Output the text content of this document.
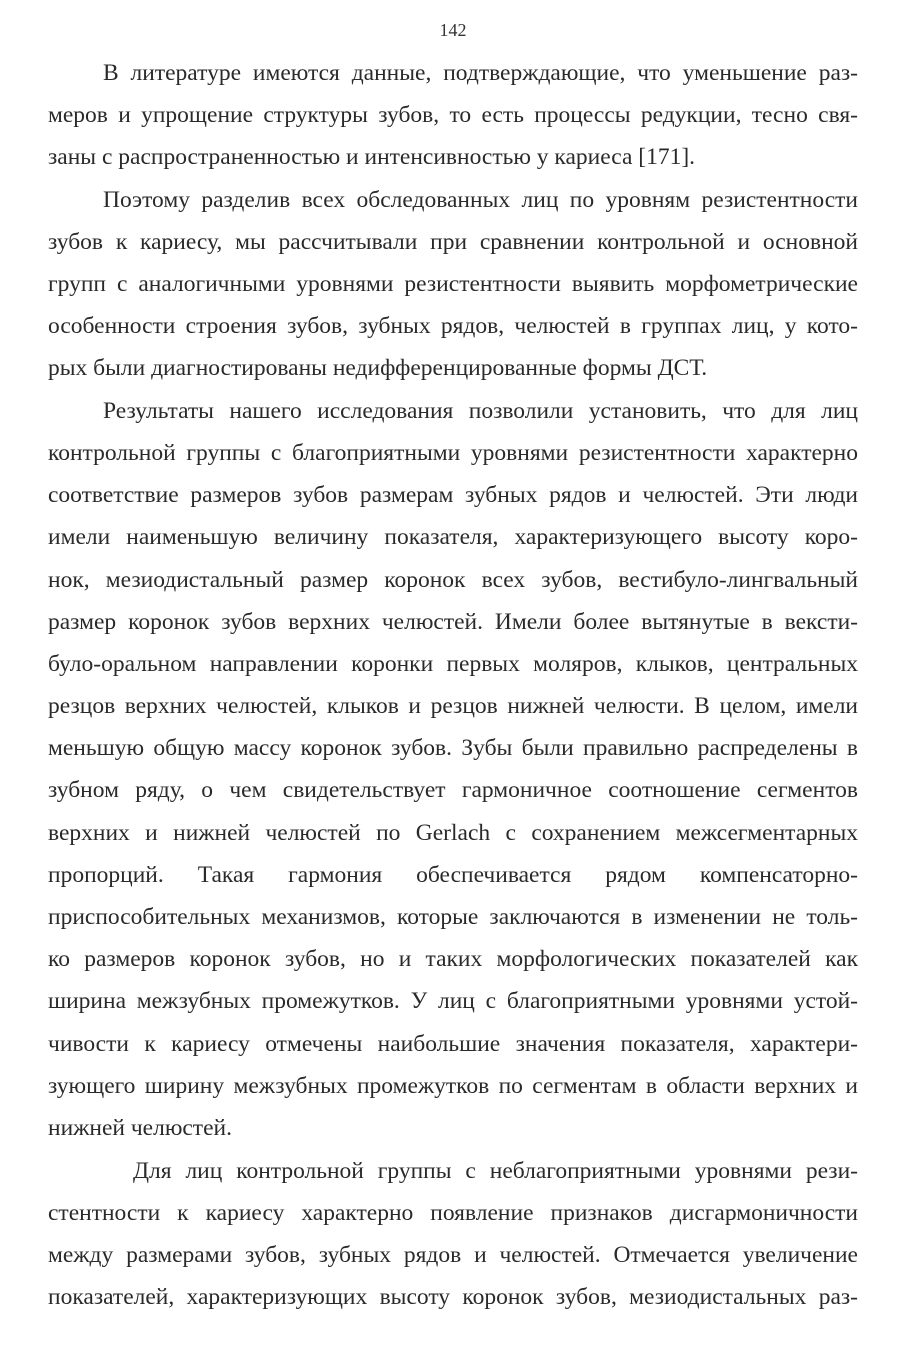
142
В литературе имеются данные, подтверждающие, что уменьшение раз-
меров и упрощение структуры зубов, то есть процессы редукции, тесно свя-
заны с распространенностью и интенсивностью у кариеса [171].
Поэтому разделив всех обследованных лиц по уровням резистентности
зубов к кариесу, мы рассчитывали при сравнении контрольной и основной
групп с аналогичными уровнями резистентности выявить морфометрические
особенности строения зубов, зубных рядов, челюстей в группах лиц, у кото-
рых были диагностированы недифференцированные формы ДСТ.
Результаты нашего исследования позволили установить, что для лиц
контрольной группы с благоприятными уровнями резистентности характерно
соответствие размеров зубов размерам зубных рядов и челюстей. Эти люди
имели наименьшую величину показателя, характеризующего высоту коро-
нок, мезиодистальный размер коронок всех зубов, вестибуло-лингвальный
размер коронок зубов верхних челюстей. Имели более вытянутые в вексти-
було-оральном направлении коронки первых моляров, клыков, центральных
резцов верхних челюстей, клыков и резцов нижней челюсти. В целом, имели
меньшую общую массу коронок зубов. Зубы были правильно распределены в
зубном ряду, о чем свидетельствует гармоничное соотношение сегментов
верхних и нижней челюстей по Gerlach с сохранением межсегментарных
пропорций. Такая гармония обеспечивается рядом компенсаторно-
приспособительных механизмов, которые заключаются в изменении не толь-
ко размеров коронок зубов, но и таких морфологических показателей как
ширина межзубных промежутков. У лиц с благоприятными уровнями устой-
чивости к кариесу отмечены наибольшие значения показателя, характери-
зующего ширину межзубных промежутков по сегментам в области верхних и
нижней челюстей.
Для лиц контрольной группы с неблагоприятными уровнями рези-
стентности к кариесу характерно появление признаков дисгармоничности
между размерами зубов, зубных рядов и челюстей. Отмечается увеличение
показателей, характеризующих высоту коронок зубов, мезиодистальных раз-
